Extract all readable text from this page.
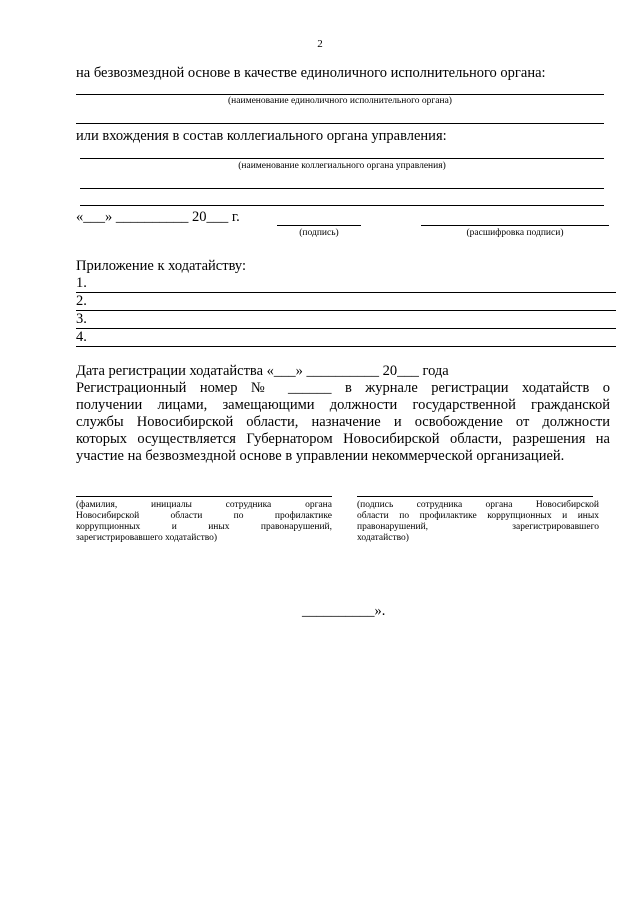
2
на безвозмездной основе в качестве единоличного исполнительного органа:
(наименование единоличного исполнительного органа)
или вхождения в состав коллегиального органа управления:
(наименование коллегиального органа управления)
«___» __________ 20___ г.
(подпись)	(расшифровка подписи)
Приложение к ходатайству:
1.
2.
3.
4.
Дата регистрации ходатайства «___» __________ 20___ года
Регистрационный номер № ______ в журнале регистрации ходатайств о
получении лицами, замещающими должности государственной гражданской
службы Новосибирской области, назначение и освобождение от должности
которых осуществляется Губернатором Новосибирской области, разрешения на
участие на безвозмездной основе в управлении некоммерческой организацией.
(фамилия, инициалы сотрудника органа
Новосибирской области по профилактике
коррупционных и иных правонарушений,
зарегистрировавшего ходатайство)
(подпись сотрудника органа Новосибирской
области по профилактике коррупционных и иных
правонарушений, зарегистрировавшего
ходатайство)
__________».
